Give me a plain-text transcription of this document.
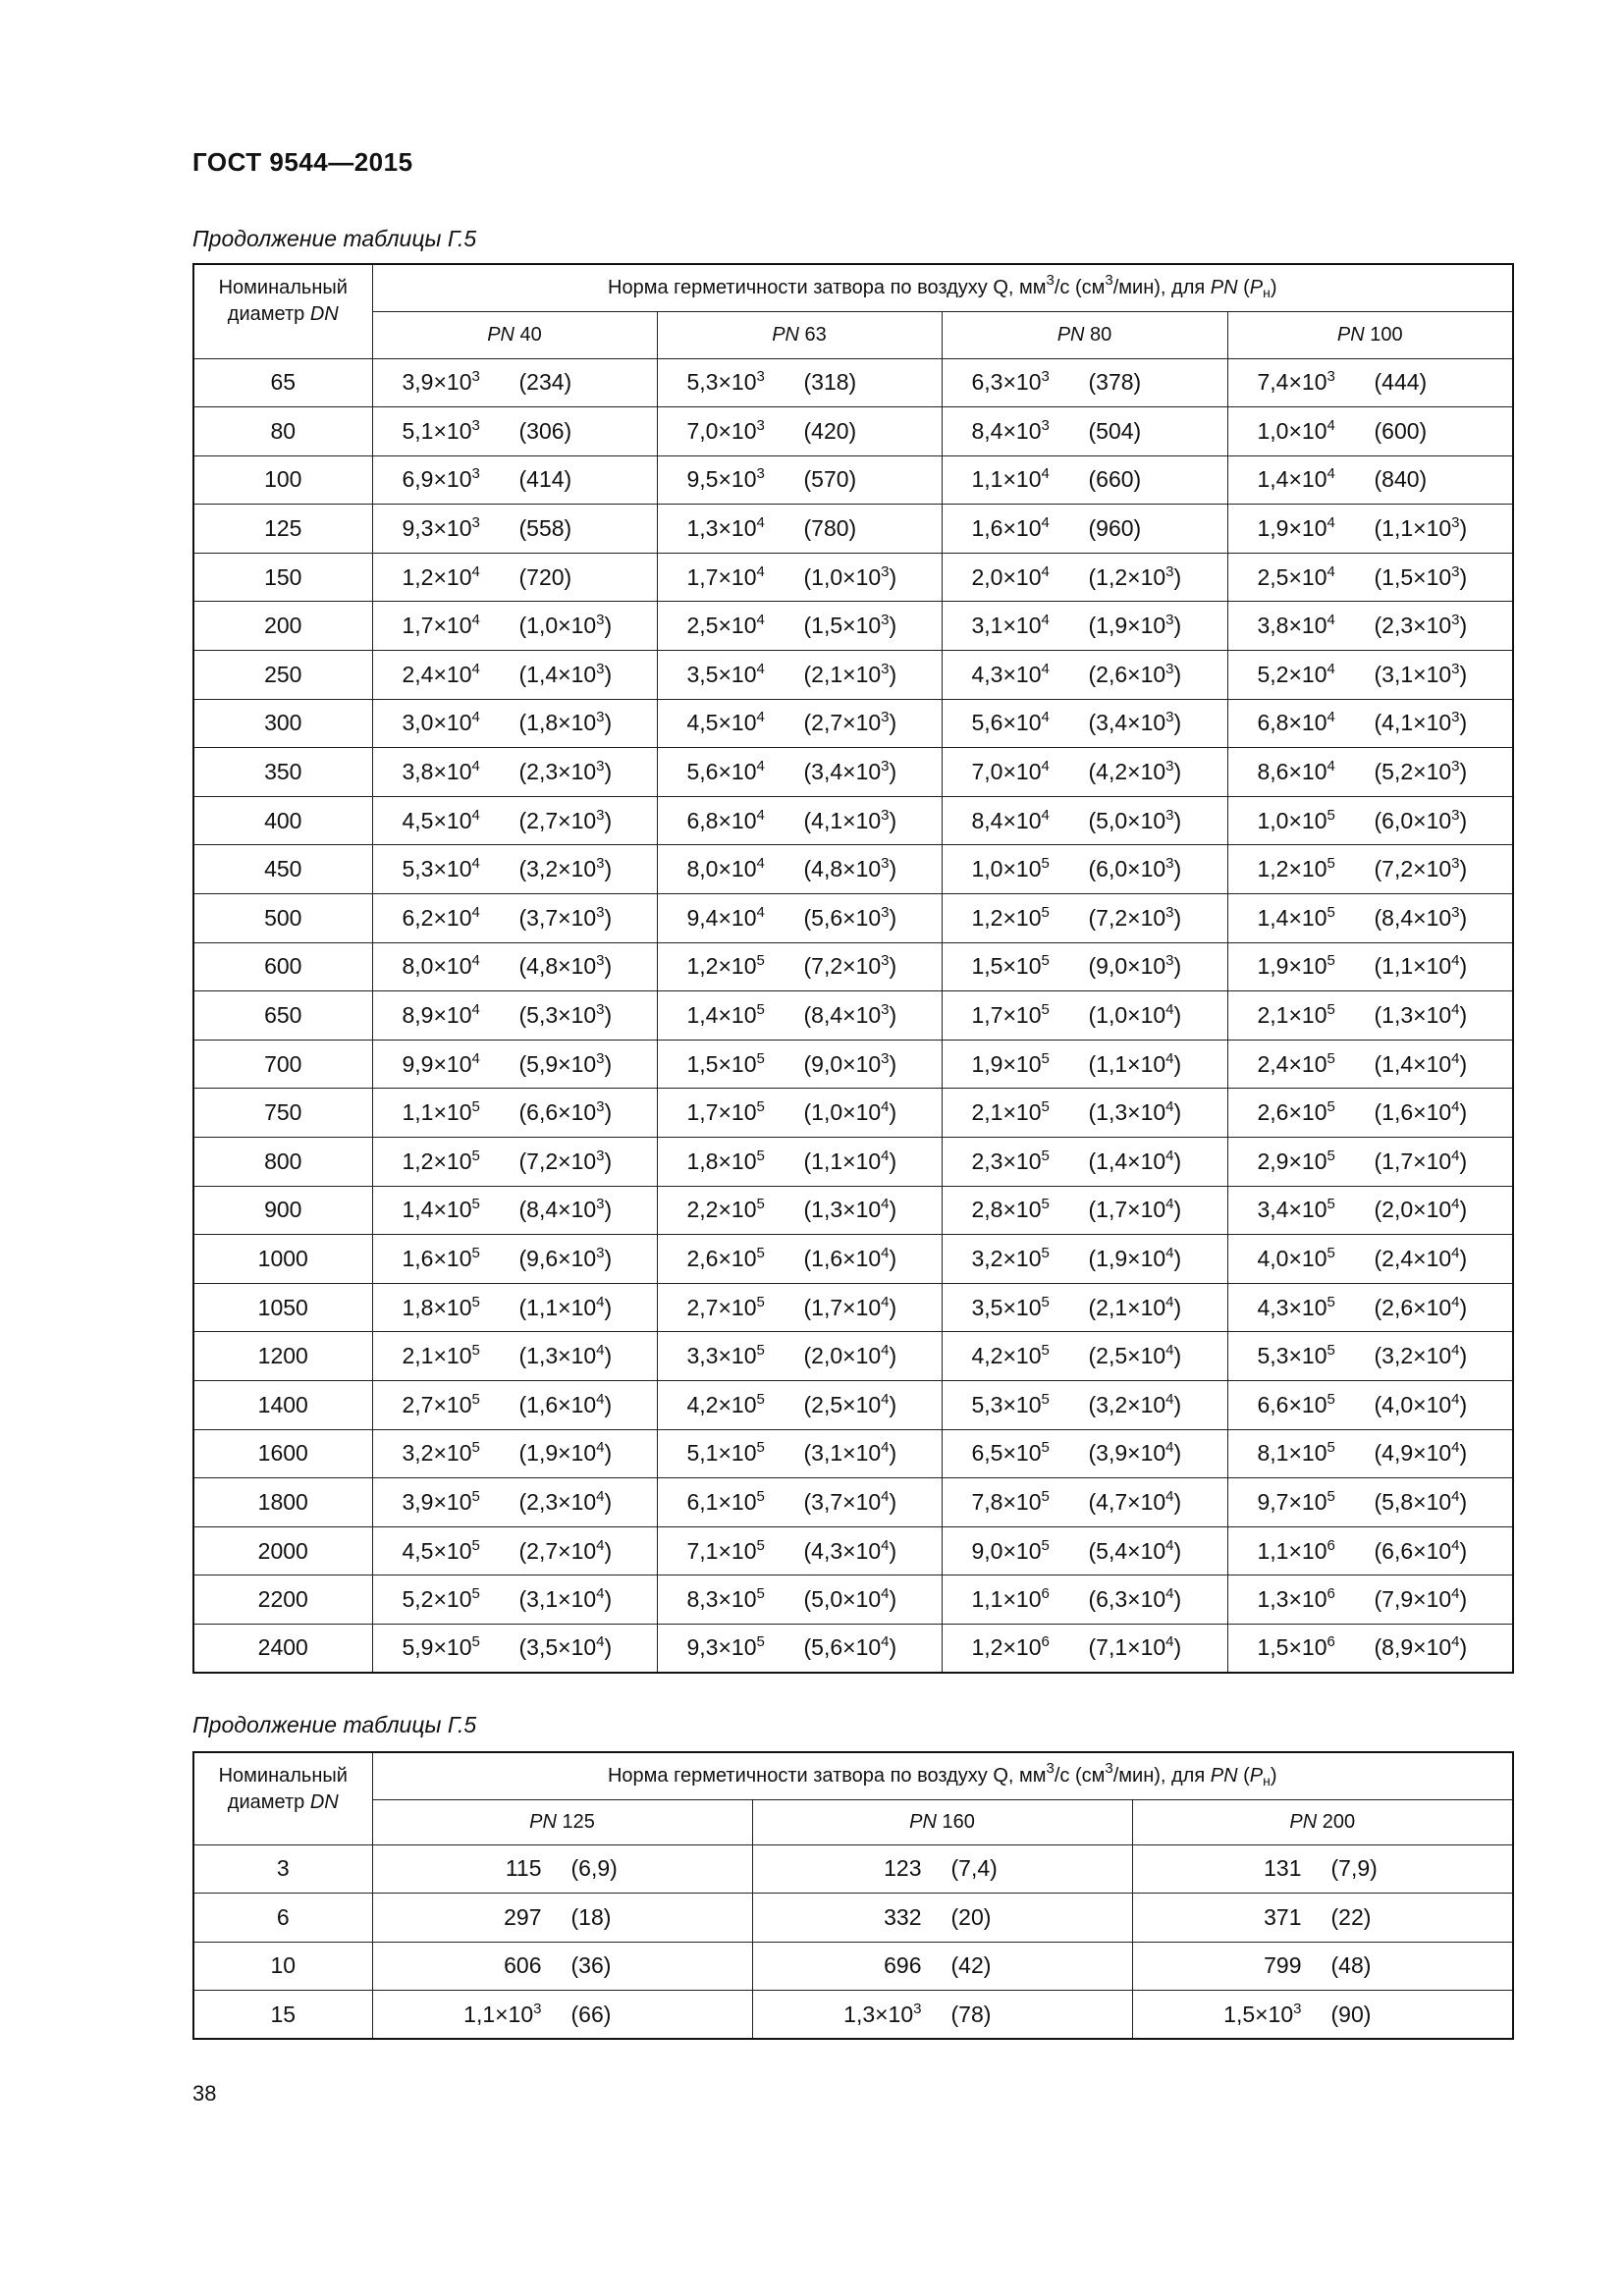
ГОСТ 9544—2015
Продолжение таблицы Г.5
Номинальный
диаметр DN	Норма герметичности затвора по воздуху Q, $мм^3/с$ $(см^3/мин)$, для PN $(P_н)$			
	PN 40	PN 63	PN 80	PN 100
65	$3,9\times 10^3$ (234)	$5,3\times 10^3$ (318)	$6,3\times 10^3$ (378)	$7,4\times 10^3$ (444)

80	$5,1\times 10^3$ (306)	$7,0\times 10^3$ (420)	$8,4\times 10^3$ (504)	$1,0\times 10^4$ (600)

100	$6,9\times 10^3$ (414)	$9,5\times 10^3$ (570)	$1,1\times 10^4$ (660)	$1,4\times 10^4$ (840)

125	$9,3\times 10^3$ (558)	$1,3\times 10^4$ (780)	$1,6\times 10^4$ (960)	$1,9\times 10^4$ $(1,1\times 10^3)$

150	$1,2\times 10^4$ (720)	$1,7\times 10^4$ $(1,0\times 10^3)$	$2,0\times 10^4$ $(1,2\times 10^3)$	$2,5\times 10^4$ $(1,5\times 10^3)$

200	$1,7\times 10^4$ $(1,0\times 10^3)$	$2,5\times 10^4$ $(1,5\times 10^3)$	$3,1\times 10^4$ $(1,9\times 10^3)$	$3,8\times 10^4$ $(2,3\times 10^3)$

250	$2,4\times 10^4$ $(1,4\times 10^3)$	$3,5\times 10^4$ $(2,1\times 10^3)$	$4,3\times 10^4$ $(2,6\times 10^3)$	$5,2\times 10^4$ $(3,1\times 10^3)$

300	$3,0\times 10^4$ $(1,8\times 10^3)$	$4,5\times 10^4$ $(2,7\times 10^3)$	$5,6\times 10^4$ $(3,4\times 10^3)$	$6,8\times 10^4$ $(4,1\times 10^3)$

350	$3,8\times 10^4$ $(2,3\times 10^3)$	$5,6\times 10^4$ $(3,4\times 10^3)$	$7,0\times 10^4$ $(4,2\times 10^3)$	$8,6\times 10^4$ $(5,2\times 10^3)$

400	$4,5\times 10^4$ $(2,7\times 10^3)$	$6,8\times 10^4$ $(4,1\times 10^3)$	$8,4\times 10^4$ $(5,0\times 10^3)$	$1,0\times 10^5$ $(6,0\times 10^3)$

450	$5,3\times 10^4$ $(3,2\times 10^3)$	$8,0\times 10^4$ $(4,8\times 10^3)$	$1,0\times 10^5$ $(6,0\times 10^3)$	$1,2\times 10^5$ $(7,2\times 10^3)$

500	$6,2\times 10^4$ $(3,7\times 10^3)$	$9,4\times 10^4$ $(5,6\times 10^3)$	$1,2\times 10^5$ $(7,2\times 10^3)$	$1,4\times 10^5$ $(8,4\times 10^3)$

600	$8,0\times 10^4$ $(4,8\times 10^3)$	$1,2\times 10^5$ $(7,2\times 10^3)$	$1,5\times 10^5$ $(9,0\times 10^3)$	$1,9\times 10^5$ $(1,1\times 10^4)$

650	$8,9\times 10^4$ $(5,3\times 10^3)$	$1,4\times 10^5$ $(8,4\times 10^3)$	$1,7\times 10^5$ $(1,0\times 10^4)$	$2,1\times 10^5$ $(1,3\times 10^4)$

700	$9,9\times 10^4$ $(5,9\times 10^3)$	$1,5\times 10^5$ $(9,0\times 10^3)$	$1,9\times 10^5$ $(1,1\times 10^4)$	$2,4\times 10^5$ $(1,4\times 10^4)$

750	$1,1\times 10^5$ $(6,6\times 10^3)$	$1,7\times 10^5$ $(1,0\times 10^4)$	$2,1\times 10^5$ $(1,3\times 10^4)$	$2,6\times 10^5$ $(1,6\times 10^4)$

800	$1,2\times 10^5$ $(7,2\times 10^3)$	$1,8\times 10^5$ $(1,1\times 10^4)$	$2,3\times 10^5$ $(1,4\times 10^4)$	$2,9\times 10^5$ $(1,7\times 10^4)$

900	$1,4\times 10^5$ $(8,4\times 10^3)$	$2,2\times 10^5$ $(1,3\times 10^4)$	$2,8\times 10^5$ $(1,7\times 10^4)$	$3,4\times 10^5$ $(2,0\times 10^4)$

1000	$1,6\times 10^5$ $(9,6\times 10^3)$	$2,6\times 10^5$ $(1,6\times 10^4)$	$3,2\times 10^5$ $(1,9\times 10^4)$	$4,0\times 10^5$ $(2,4\times 10^4)$

1050	$1,8\times 10^5$ $(1,1\times 10^4)$	$2,7\times 10^5$ $(1,7\times 10^4)$	$3,5\times 10^5$ $(2,1\times 10^4)$	$4,3\times 10^5$ $(2,6\times 10^4)$

1200	$2,1\times 10^5$ $(1,3\times 10^4)$	$3,3\times 10^5$ $(2,0\times 10^4)$	$4,2\times 10^5$ $(2,5\times 10^4)$	$5,3\times 10^5$ $(3,2\times 10^4)$

1400	$2,7\times 10^5$ $(1,6\times 10^4)$	$4,2\times 10^5$ $(2,5\times 10^4)$	$5,3\times 10^5$ $(3,2\times 10^4)$	$6,6\times 10^5$ $(4,0\times 10^4)$

1600	$3,2\times 10^5$ $(1,9\times 10^4)$	$5,1\times 10^5$ $(3,1\times 10^4)$	$6,5\times 10^5$ $(3,9\times 10^4)$	$8,1\times 10^5$ $(4,9\times 10^4)$

1800	$3,9\times 10^5$ $(2,3\times 10^4)$	$6,1\times 10^5$ $(3,7\times 10^4)$	$7,8\times 10^5$ $(4,7\times 10^4)$	$9,7\times 10^5$ $(5,8\times 10^4)$

2000	$4,5\times 10^5$ $(2,7\times 10^4)$	$7,1\times 10^5$ $(4,3\times 10^4)$	$9,0\times 10^5$ $(5,4\times 10^4)$	$1,1\times 10^6$ $(6,6\times 10^4)$

2200	$5,2\times 10^5$ $(3,1\times 10^4)$	$8,3\times 10^5$ $(5,0\times 10^4)$	$1,1\times 10^6$ $(6,3\times 10^4)$	$1,3\times 10^6$ $(7,9\times 10^4)$

2400	$5,9\times 10^5$ $(3,5\times 10^4)$	$9,3\times 10^5$ $(5,6\times 10^4)$	$1,2\times 10^6$ $(7,1\times 10^4)$	$1,5\times 10^6$ $(8,9\times 10^4)$
Продолжение таблицы Г.5
Номинальный
диаметр DN	Норма герметичности затвора по воздуху Q, $мм^3/с$ $(см^3/мин)$, для PN $(P_н)$		
	PN 125	PN 160	PN 200
3	115 (6,9)	123 (7,4)	131 (7,9)

6	297 (18)	332 (20)	371 (22)

10	606 (36)	696 (42)	799 (48)

15	$1,1\times 10^3$ (66)	$1,3\times 10^3$ (78)	$1,5\times 10^3$ (90)
38
